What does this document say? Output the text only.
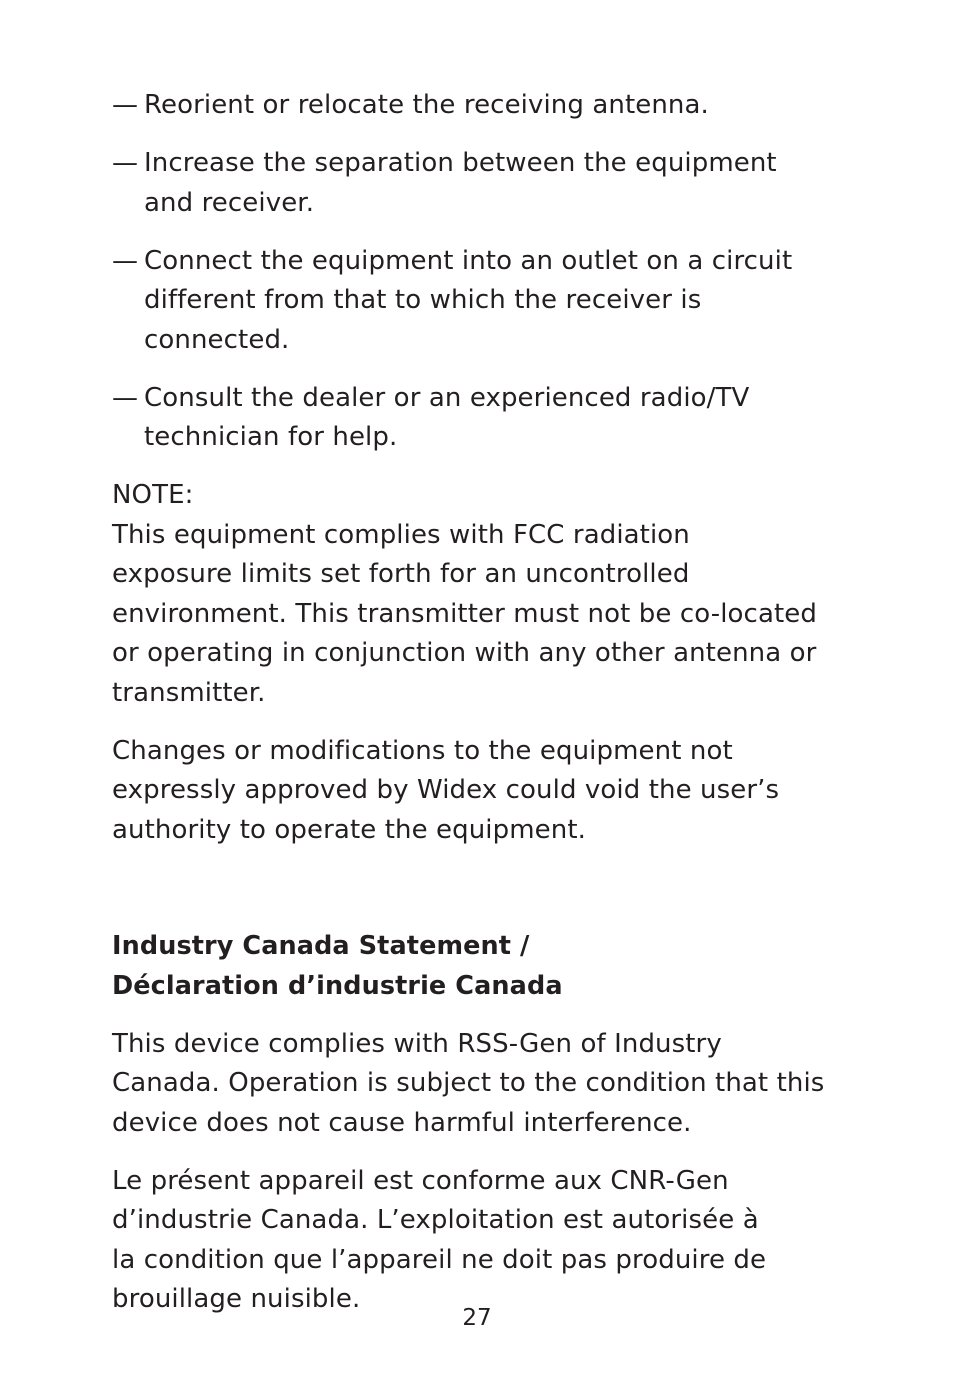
— Reorient or relocate the receiving antenna.
— Increase the separation between the equipment and receiver.
— Connect the equipment into an outlet on a circuit different from that to which the receiver is connected.
— Consult the dealer or an experienced radio/TV technician for help.
NOTE:
This equipment complies with FCC radiation exposure limits set forth for an uncontrolled environment. This transmitter must not be co-located or operating in conjunction with any other antenna or transmitter.
Changes or modifications to the equipment not expressly approved by Widex could void the user’s authority to operate the equipment.
Industry Canada Statement /
Déclaration d’industrie Canada
This device complies with RSS-Gen of Industry Canada. Operation is subject to the condition that this device does not cause harmful interference.
Le présent appareil est conforme aux CNR-Gen d’industrie Canada. L’exploitation est autorisée à la condition que l’appareil ne doit pas produire de brouillage nuisible.
27
